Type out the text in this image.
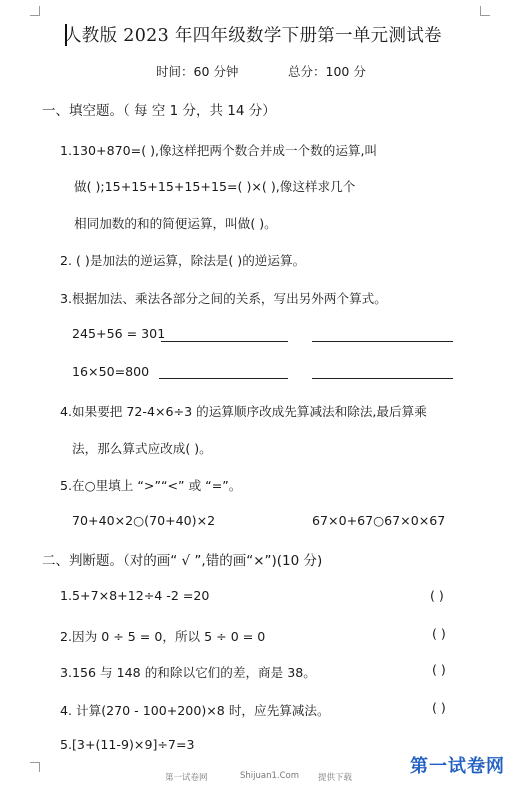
人教版 2023 年四年级数学下册第一单元测试卷
时间：60 分钟	总分：100 分
一、填空题。（ 每 空 1 分，共 14 分）
1.130+870=( ),像这样把两个数合并成一个数的运算,叫
做( );15+15+15+15+15=( )×( ),像这样求几个
相同加数的和的简便运算，叫做( )。
2. ( )是加法的逆运算，除法是( )的逆运算。
3.根据加法、乘法各部分之间的关系，写出另外两个算式。
245+56 = 301
16×50=800
4.如果要把 72-4×6÷3 的运算顺序改成先算减法和除法,最后算乘
法，那么算式应改成( )。
5.在○里填上 “>”“<” 或 “=”。
70+40×2○(70+40)×2	67×0+67○67×0×67
二、判断题。（对的画“ √ ”,错的画“×”)(10 分)
1.5+7×8+12÷4 -2 =20	( )
2.因为 0 ÷ 5 = 0，所以 5 ÷ 0 = 0	( )
3.156 与 148 的和除以它们的差，商是 38。	( )
4. 计算(270 - 100+200)×8 时，应先算减法。	( )
5.[3+(11-9)×9]÷7=3
第一试卷网	Shijuan1.Com 提供下载
第一试卷网
